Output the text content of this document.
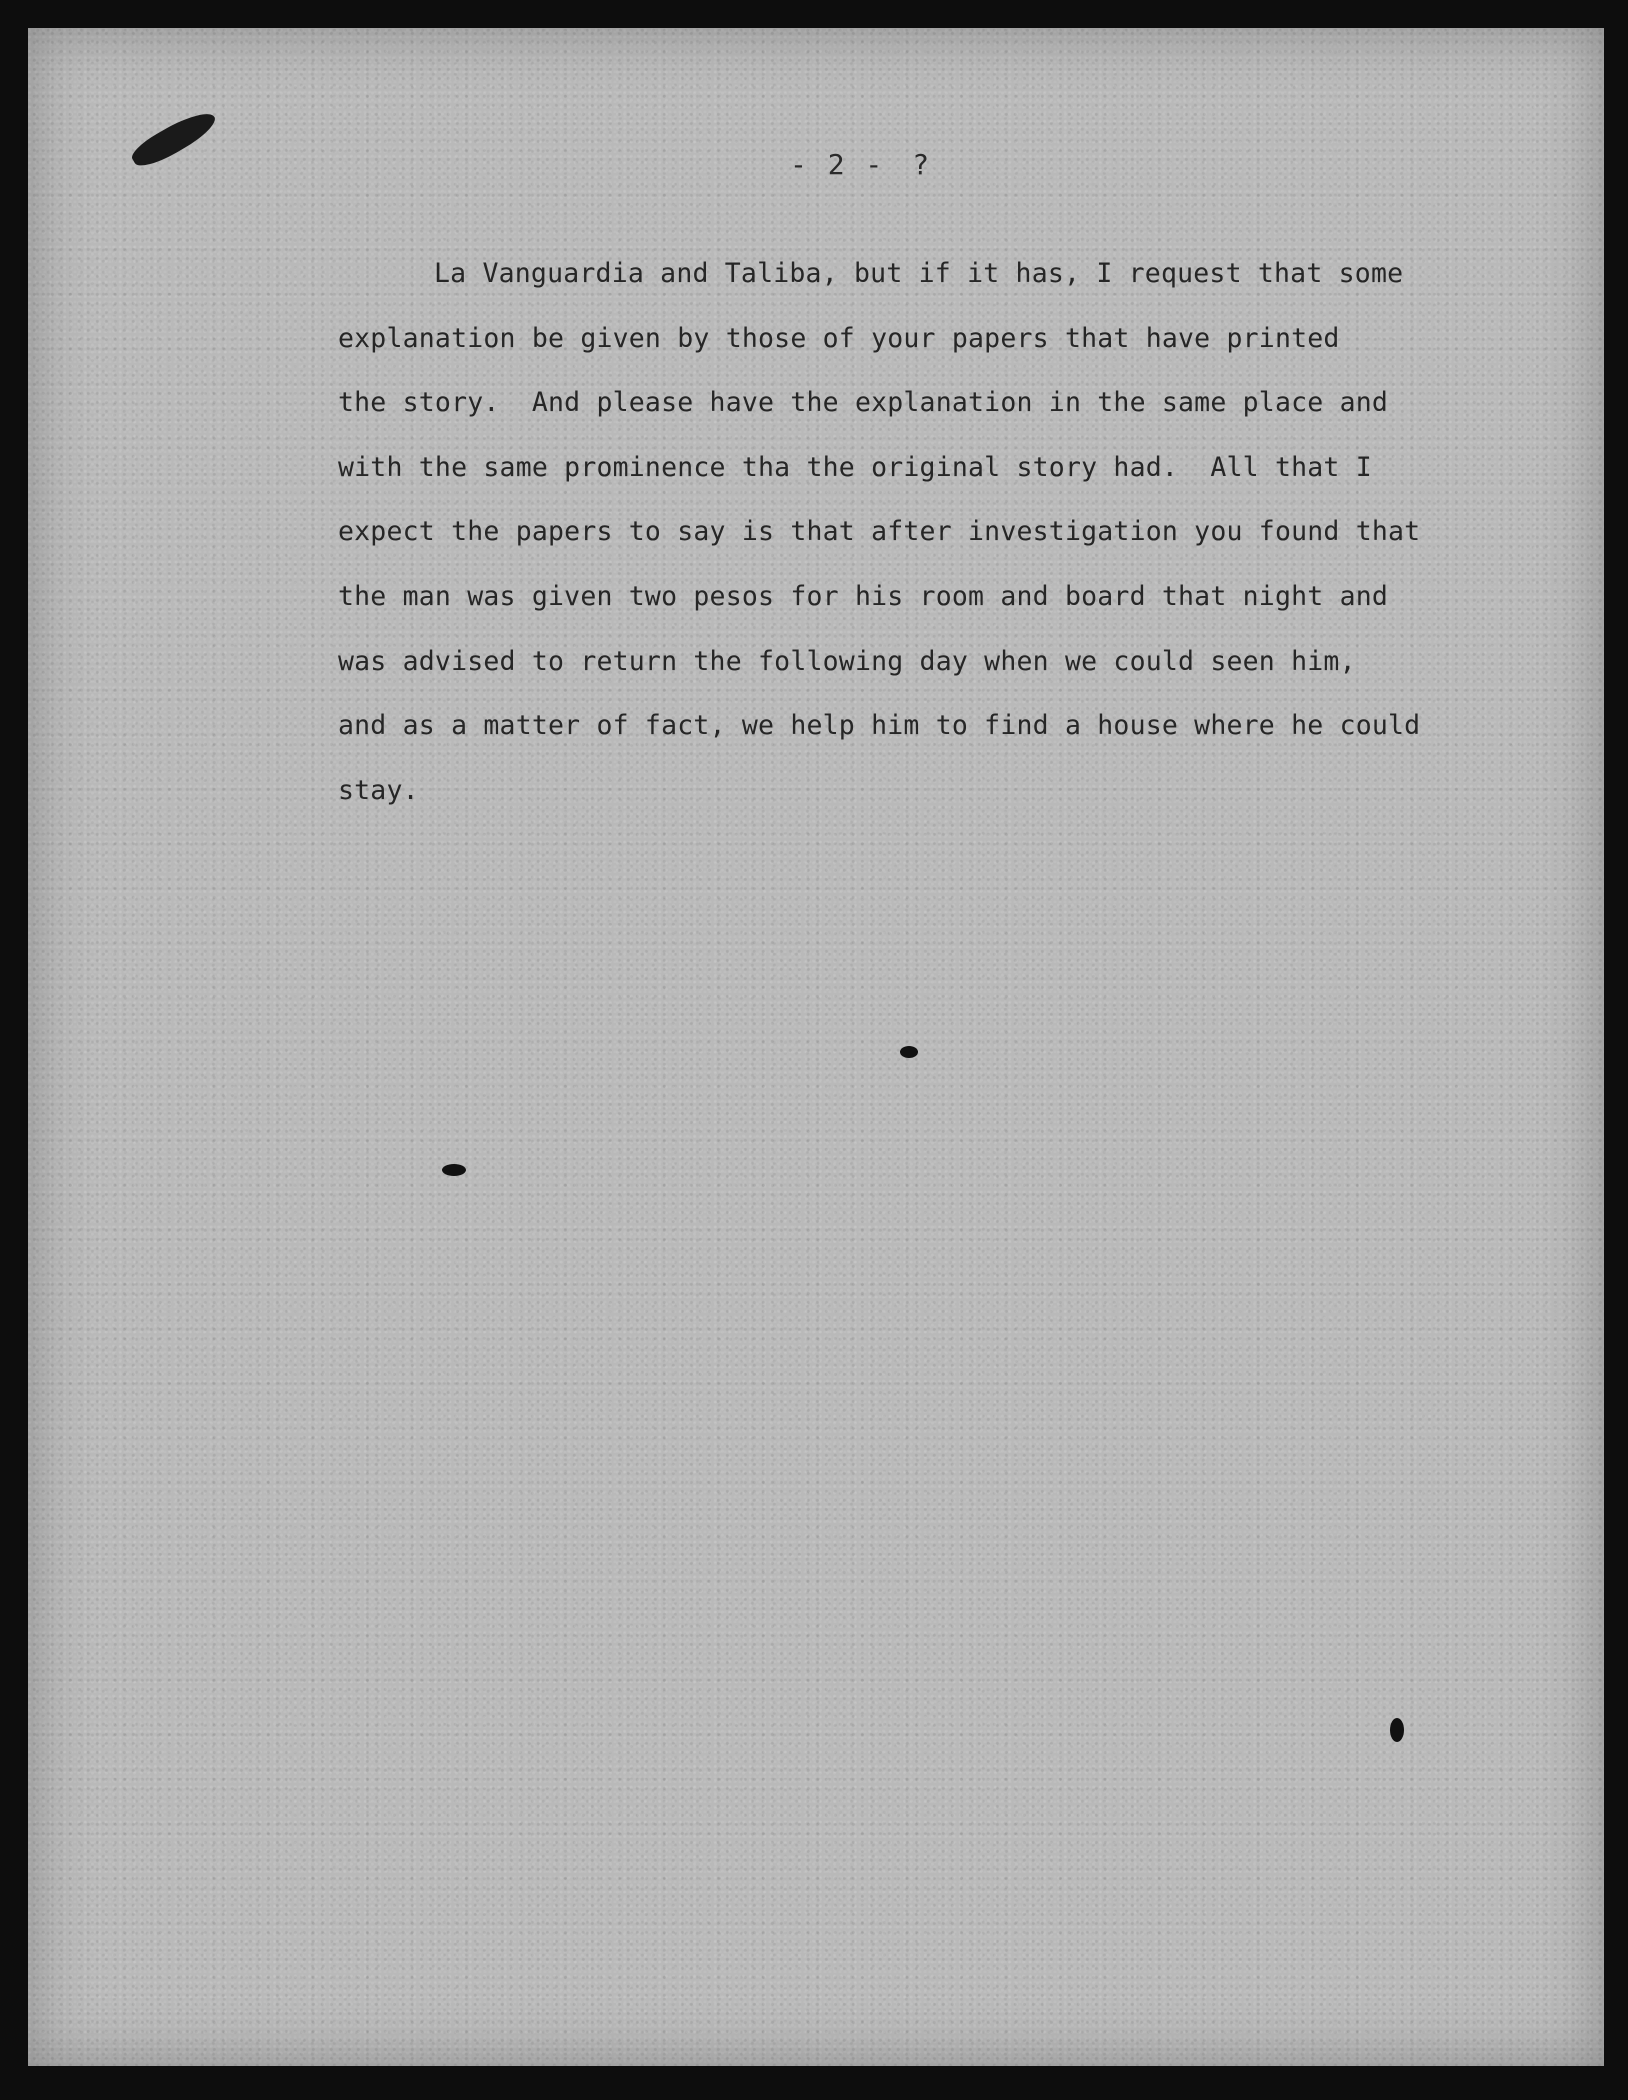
- 2 - ?
La Vanguardia and Taliba, but if it has, I request that some
explanation be given by those of your papers that have printed
the story.  And please have the explanation in the same place and
with the same prominence tha the original story had.  All that I
expect the papers to say is that after investigation you found that
the man was given two pesos for his room and board that night and
was advised to return the following day when we could seen him,
and as a matter of fact, we help him to find a house where he could
stay.
